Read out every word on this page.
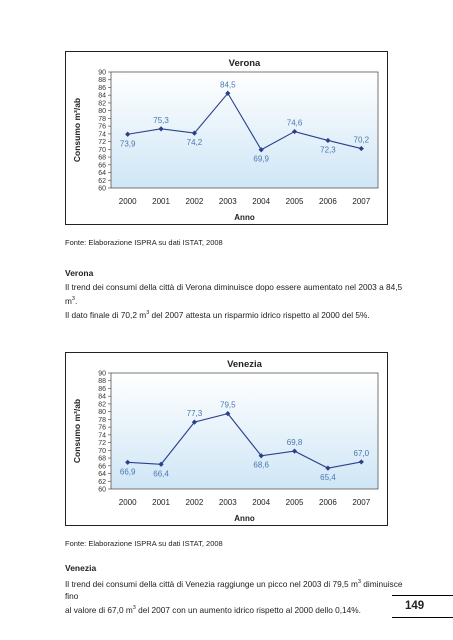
Verona
60
62
64
66
68
70
72
74
76
78
80
82
84
86
88
90
2000 2001 2002 2003 2004 2005 2006 2007
Consumo m³/ab
Anno
73,9
75,3
74,2
84,5
69,9
74,6
72,3
70,2
Fonte: Elaborazione ISPRA su dati ISTAT, 2008
Verona
Il trend dei consumi della città di Verona diminuisce dopo essere aumentato nel 2003 a 84,5 $m^3$.
Il dato finale di 70,2 $m^3$ del 2007 attesta un risparmio idrico rispetto al 2000 del 5%.
Venezia
60
62
64
66
68
70
72
74
76
78
80
82
84
86
88
90
2000 2001 2002 2003 2004 2005 2006 2007
Consumo m³/ab
Anno
66,9 66,4
77,3
79,5
68,6
69,8
65,4
67,0
Fonte: Elaborazione ISPRA su dati ISTAT, 2008
Venezia
Il trend dei consumi della città di Venezia raggiunge un picco nel 2003 di 79,5 $m^3$ diminuisce fino
al valore di 67,0 $m^3$ del 2007 con un aumento idrico rispetto al 2000 dello 0,14%.	149
